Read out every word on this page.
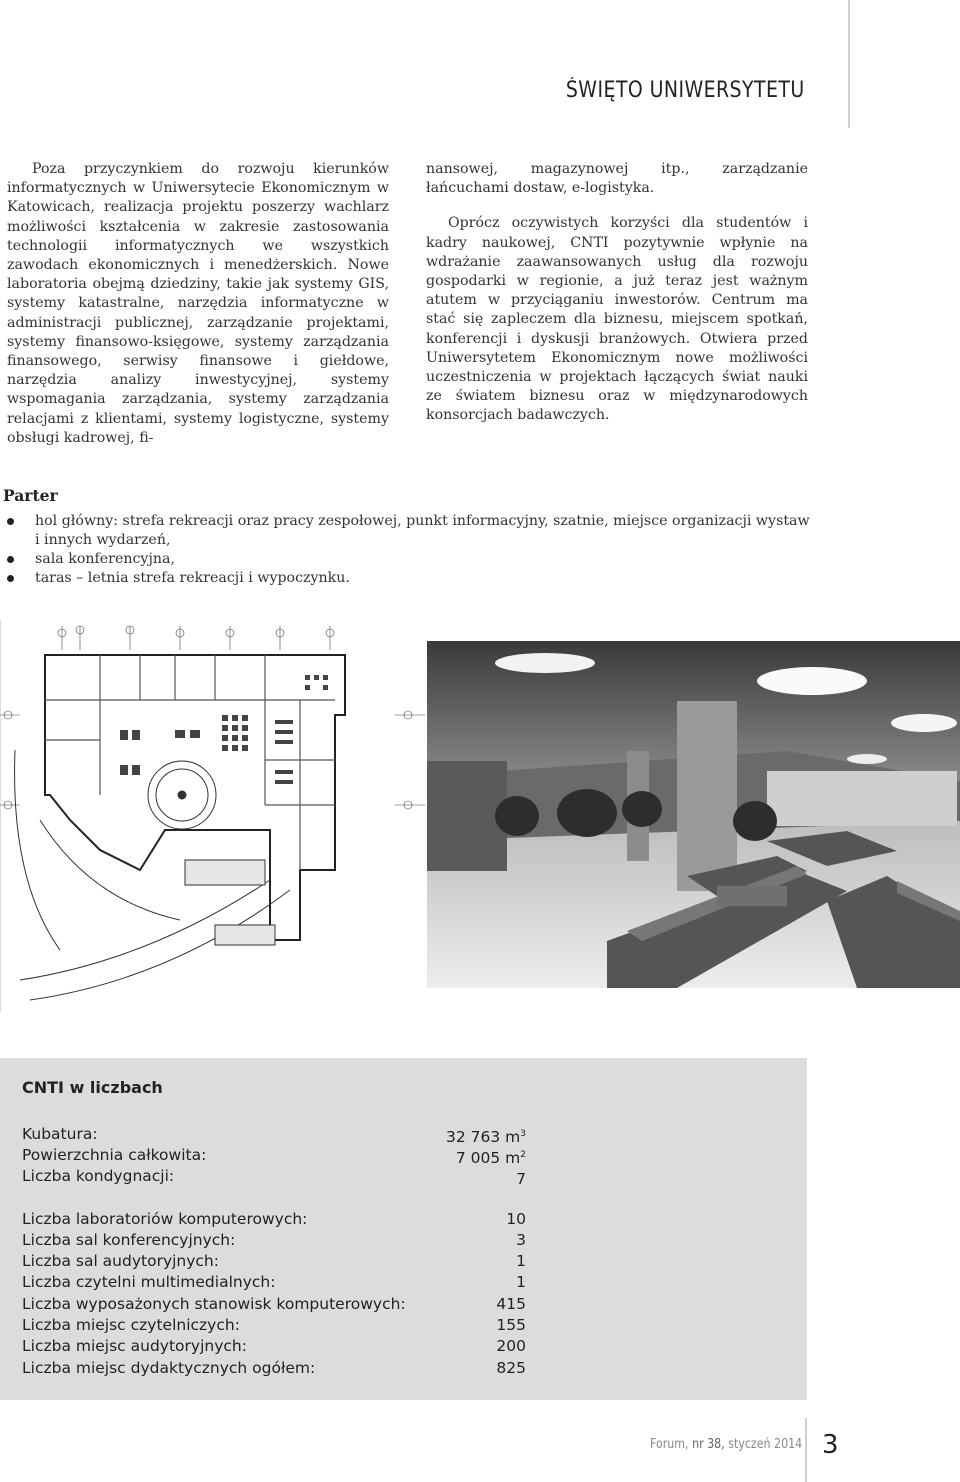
ŚWIĘTO UNIWERSYTETU

Poza przyczynkiem do rozwoju kierunków informatycznych w Uniwersytecie Ekonomicznym w Katowicach, realizacja projektu poszerzy wachlarz możliwości kształcenia w zakresie zastosowania technologii informatycznych we wszystkich zawodach ekonomicznych i menedżerskich. Nowe laboratoria obejmą dziedziny, takie jak systemy GIS, systemy katastralne, narzędzia informatyczne w administracji publicznej, zarządzanie projektami, systemy finansowo-księgowe, systemy zarządzania finansowego, serwisy finansowe i giełdowe, narzędzia analizy inwestycyjnej, systemy wspomagania zarządzania, systemy zarządzania relacjami z klientami, systemy logistyczne, systemy obsługi kadrowej, fi-

nansowej, magazynowej itp., zarządzanie łańcuchami dostaw, e-logistyka.

Oprócz oczywistych korzyści dla studentów i kadry naukowej, CNTI pozytywnie wpłynie na wdrażanie zaawansowanych usług dla rozwoju gospodarki w regionie, a już teraz jest ważnym atutem w przyciąganiu inwestorów. Centrum ma stać się zapleczem dla biznesu, miejscem spotkań, konferencji i dyskusji branżowych. Otwiera przed Uniwersytetem Ekonomicznym nowe możliwości uczestniczenia w projektach łączących świat nauki ze światem biznesu oraz w międzynarodowych konsorcjach badawczych.

Parter
hol główny: strefa rekreacji oraz pracy zespołowej, punkt informacyjny, szatnie, miejsce organizacji wystaw i innych wydarzeń,
sala konferencyjna,
taras – letnia strefa rekreacji i wypoczynku.
CNTI w liczbach
Kubatura:	32 763 $m^3$
Powierzchnia całkowita:	7 005 $m^2$
Liczba kondygnacji:	7
Liczba laboratoriów komputerowych:	10
Liczba sal konferencyjnych:	3
Liczba sal audytoryjnych:	1
Liczba czytelni multimedialnych:	1
Liczba wyposażonych stanowisk komputerowych:	415
Liczba miejsc czytelniczych:	155
Liczba miejsc audytoryjnych:	200
Liczba miejsc dydaktycznych ogółem:	825
Forum, nr 38, styczeń 2014 3
